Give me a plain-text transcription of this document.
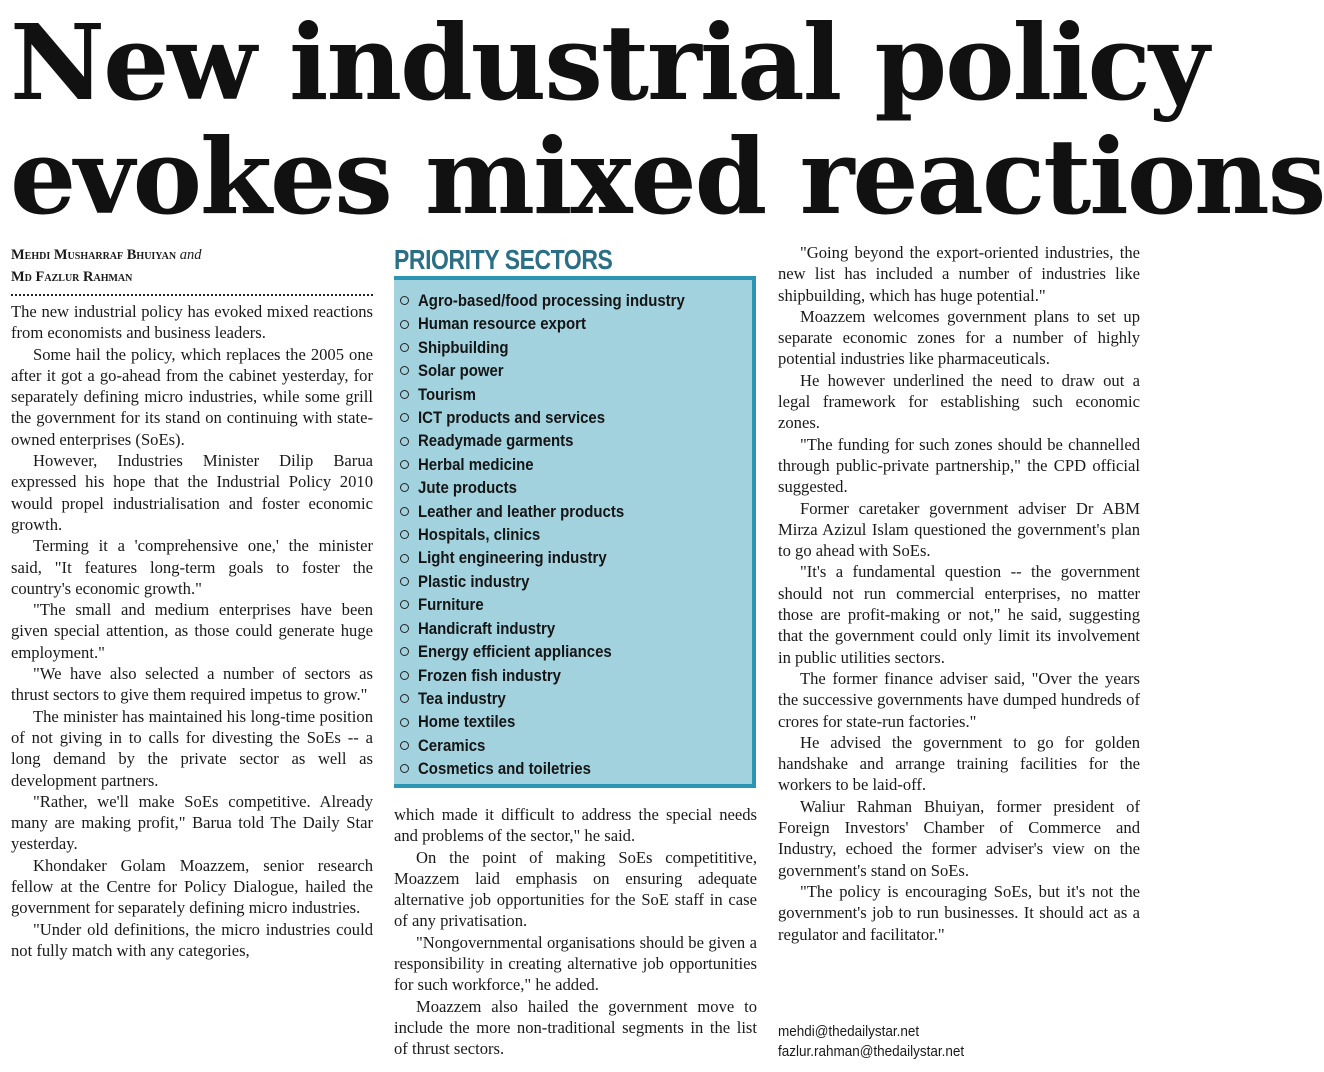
New industrial policy
evokes mixed reactions
Mehdi Musharraf Bhuiyan and
Md Fazlur Rahman

The new industrial policy has evoked mixed reactions from economists and business leaders.

Some hail the policy, which replaces the 2005 one after it got a go-ahead from the cabinet yesterday, for separately defining micro industries, while some grill the government for its stand on continuing with state-owned enterprises (SoEs).

However, Industries Minister Dilip Barua expressed his hope that the Industrial Policy 2010 would propel industrialisation and foster economic growth.

Terming it a 'comprehensive one,' the minister said, "It features long-term goals to foster the country's economic growth."

"The small and medium enterprises have been given special attention, as those could generate huge employment."

"We have also selected a number of sectors as thrust sectors to give them required impetus to grow."

The minister has maintained his long-time position of not giving in to calls for divesting the SoEs -- a long demand by the private sector as well as development partners.

"Rather, we'll make SoEs competitive. Already many are making profit," Barua told The Daily Star yesterday.

Khondaker Golam Moazzem, senior research fellow at the Centre for Policy Dialogue, hailed the government for separately defining micro industries.

"Under old definitions, the micro industries could not fully match with any categories,

PRIORITY SECTORS
Agro-based/food processing industry
Human resource export
Shipbuilding
Solar power
Tourism
ICT products and services
Readymade garments
Herbal medicine
Jute products
Leather and leather products
Hospitals, clinics
Light engineering industry
Plastic industry
Furniture
Handicraft industry
Energy efficient appliances
Frozen fish industry
Tea industry
Home textiles
Ceramics
Cosmetics and toiletries

which made it difficult to address the special needs and problems of the sector," he said.

On the point of making SoEs competititive, Moazzem laid emphasis on ensuring adequate alternative job opportunities for the SoE staff in case of any privatisation.

"Nongovernmental organisations should be given a responsibility in creating alternative job opportunities for such workforce," he added.

Moazzem also hailed the government move to include the more non-traditional segments in the list of thrust sectors.

"Going beyond the export-oriented industries, the new list has included a number of industries like shipbuilding, which has huge potential."

Moazzem welcomes government plans to set up separate economic zones for a number of highly potential industries like pharmaceuticals.

He however underlined the need to draw out a legal framework for establishing such economic zones.

"The funding for such zones should be channelled through public-private partnership," the CPD official suggested.

Former caretaker government adviser Dr ABM Mirza Azizul Islam questioned the government's plan to go ahead with SoEs.

"It's a fundamental question -- the government should not run commercial enterprises, no matter those are profit-making or not," he said, suggesting that the government could only limit its involvement in public utilities sectors.

The former finance adviser said, "Over the years the successive governments have dumped hundreds of crores for state-run factories."

He advised the government to go for golden handshake and arrange training facilities for the workers to be laid-off.

Waliur Rahman Bhuiyan, former president of Foreign Investors' Chamber of Commerce and Industry, echoed the former adviser's view on the government's stand on SoEs.

"The policy is encouraging SoEs, but it's not the government's job to run businesses. It should act as a regulator and facilitator."

mehdi@thedailystar.net
fazlur.rahman@thedailystar.net
